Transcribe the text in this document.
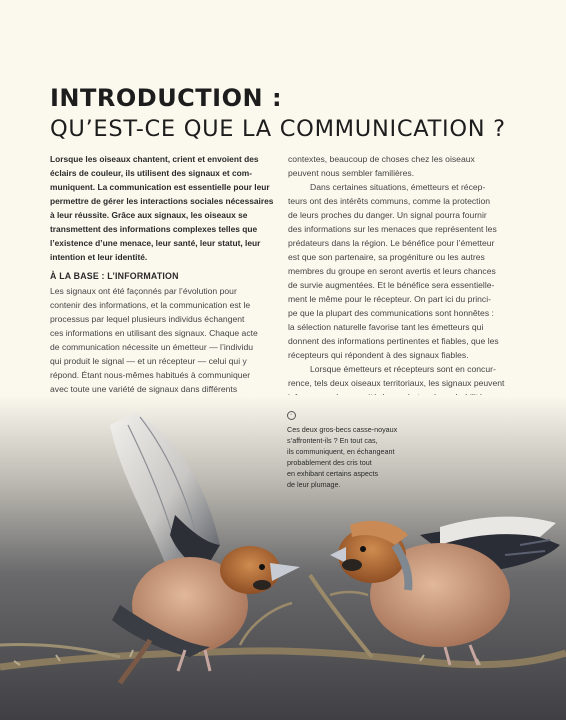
INTRODUCTION :
QU’EST-CE QUE LA COMMUNICATION ?
Lorsque les oiseaux chantent, crient et envoient des
éclairs de couleur, ils utilisent des signaux et com-
muniquent. La communication est essentielle pour leur
permettre de gérer les interactions sociales nécessaires
à leur réussite. Grâce aux signaux, les oiseaux se
transmettent des informations complexes telles que
l’existence d’une menace, leur santé, leur statut, leur
intention et leur identité.
À LA BASE : L’INFORMATION
Les signaux ont été façonnés par l’évolution pour
contenir des informations, et la communication est le
processus par lequel plusieurs individus échangent
ces informations en utilisant des signaux. Chaque acte
de communication nécessite un émetteur — l’individu
qui produit le signal — et un récepteur — celui qui y
répond. Étant nous-mêmes habitués à communiquer
avec toute une variété de signaux dans différents
contextes, beaucoup de choses chez les oiseaux
peuvent nous sembler familières.
Dans certaines situations, émetteurs et récep-
teurs ont des intérêts communs, comme la protection
de leurs proches du danger. Un signal pourra fournir
des informations sur les menaces que représentent les
prédateurs dans la région. Le bénéfice pour l’émetteur
est que son partenaire, sa progéniture ou les autres
membres du groupe en seront avertis et leurs chances
de survie augmentées. Et le bénéfice sera essentielle-
ment le même pour le récepteur. On part ici du princi-
pe que la plupart des communications sont honnêtes :
la sélection naturelle favorise tant les émetteurs qui
donnent des informations pertinentes et fiables, que les
récepteurs qui répondent à des signaux fiables.
Lorsque émetteurs et récepteurs sont en concur-
rence, tels deux oiseaux territoriaux, les signaux peuvent
◦
Ces deux gros-becs casse-noyaux
s’affrontent-ils ? En tout cas,
ils communiquent, en échangeant
probablement des cris tout
en exhibant certains aspects
de leur plumage.
